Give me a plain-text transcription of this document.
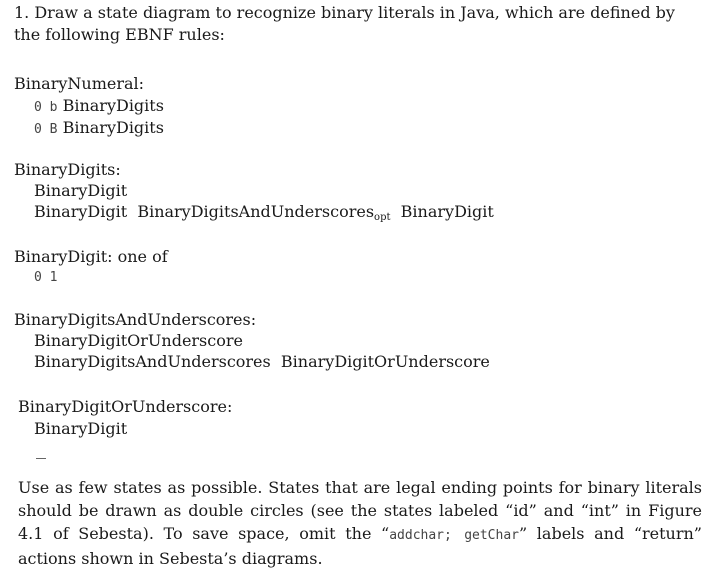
1. Draw a state diagram to recognize binary literals in Java, which are defined by the following EBNF rules:
BinaryNumeral:
0 b BinaryDigits
0 B BinaryDigits
BinaryDigits:
BinaryDigit
BinaryDigit BinaryDigitsAndUnderscores$_{opt}$ BinaryDigit
BinaryDigit: one of
0 1
BinaryDigitsAndUnderscores:
BinaryDigitOrUnderscore
BinaryDigitsAndUnderscores  BinaryDigitOrUnderscore
BinaryDigitOrUnderscore:
BinaryDigit
Use as few states as possible. States that are legal ending points for binary literals should be drawn as double circles (see the states labeled “id” and “int” in Figure 4.1 of Sebesta). To save space, omit the “addchar; getChar” labels and “return” actions shown in Sebesta’s diagrams.
